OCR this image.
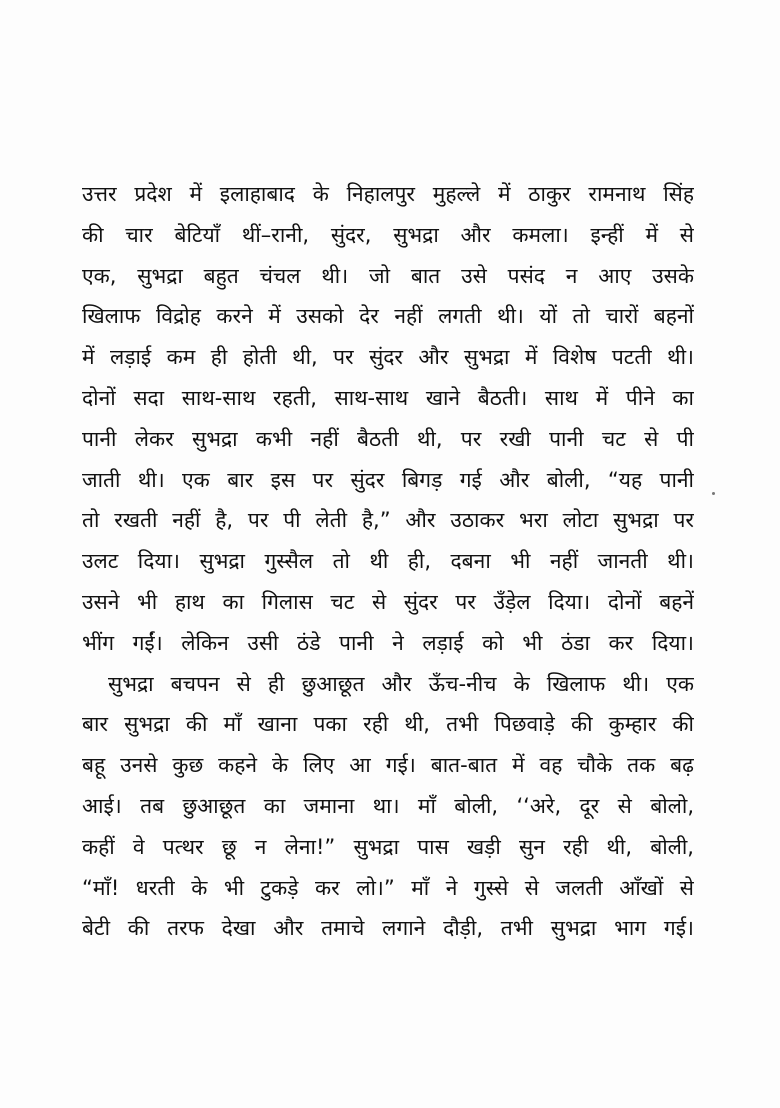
उत्तर प्रदेश में इलाहाबाद के निहालपुर मुहल्ले में ठाकुर रामनाथ सिंह
की चार बेटियाँ थीं–रानी, सुंदर, सुभद्रा और कमला। इन्हीं में से
एक, सुभद्रा बहुत चंचल थी। जो बात उसे पसंद न आए उसके
खिलाफ विद्रोह करने में उसको देर नहीं लगती थी। यों तो चारों बहनों
में लड़ाई कम ही होती थी, पर सुंदर और सुभद्रा में विशेष पटती थी।
दोनों सदा साथ-साथ रहती, साथ-साथ खाने बैठती। साथ में पीने का
पानी लेकर सुभद्रा कभी नहीं बैठती थी, पर रखी पानी चट से पी
जाती थी। एक बार इस पर सुंदर बिगड़ गई और बोली, “यह पानी
तो रखती नहीं है, पर पी लेती है,” और उठाकर भरा लोटा सुभद्रा पर
उलट दिया। सुभद्रा गुस्सैल तो थी ही, दबना भी नहीं जानती थी।
उसने भी हाथ का गिलास चट से सुंदर पर उँड़ेल दिया। दोनों बहनें
भींग गईं। लेकिन उसी ठंडे पानी ने लड़ाई को भी ठंडा कर दिया।
सुभद्रा बचपन से ही छुआछूत और ऊँच-नीच के खिलाफ थी। एक
बार सुभद्रा की माँ खाना पका रही थी, तभी पिछवाड़े की कुम्हार की
बहू उनसे कुछ कहने के लिए आ गई। बात-बात में वह चौके तक बढ़
आई। तब छुआछूत का जमाना था। माँ बोली, ‘‘अरे, दूर से बोलो,
कहीं वे पत्थर छू न लेना!” सुभद्रा पास खड़ी सुन रही थी, बोली,
“माँ! धरती के भी टुकड़े कर लो।” माँ ने गुस्से से जलती आँखों से
बेटी की तरफ देखा और तमाचे लगाने दौड़ी, तभी सुभद्रा भाग गई।
